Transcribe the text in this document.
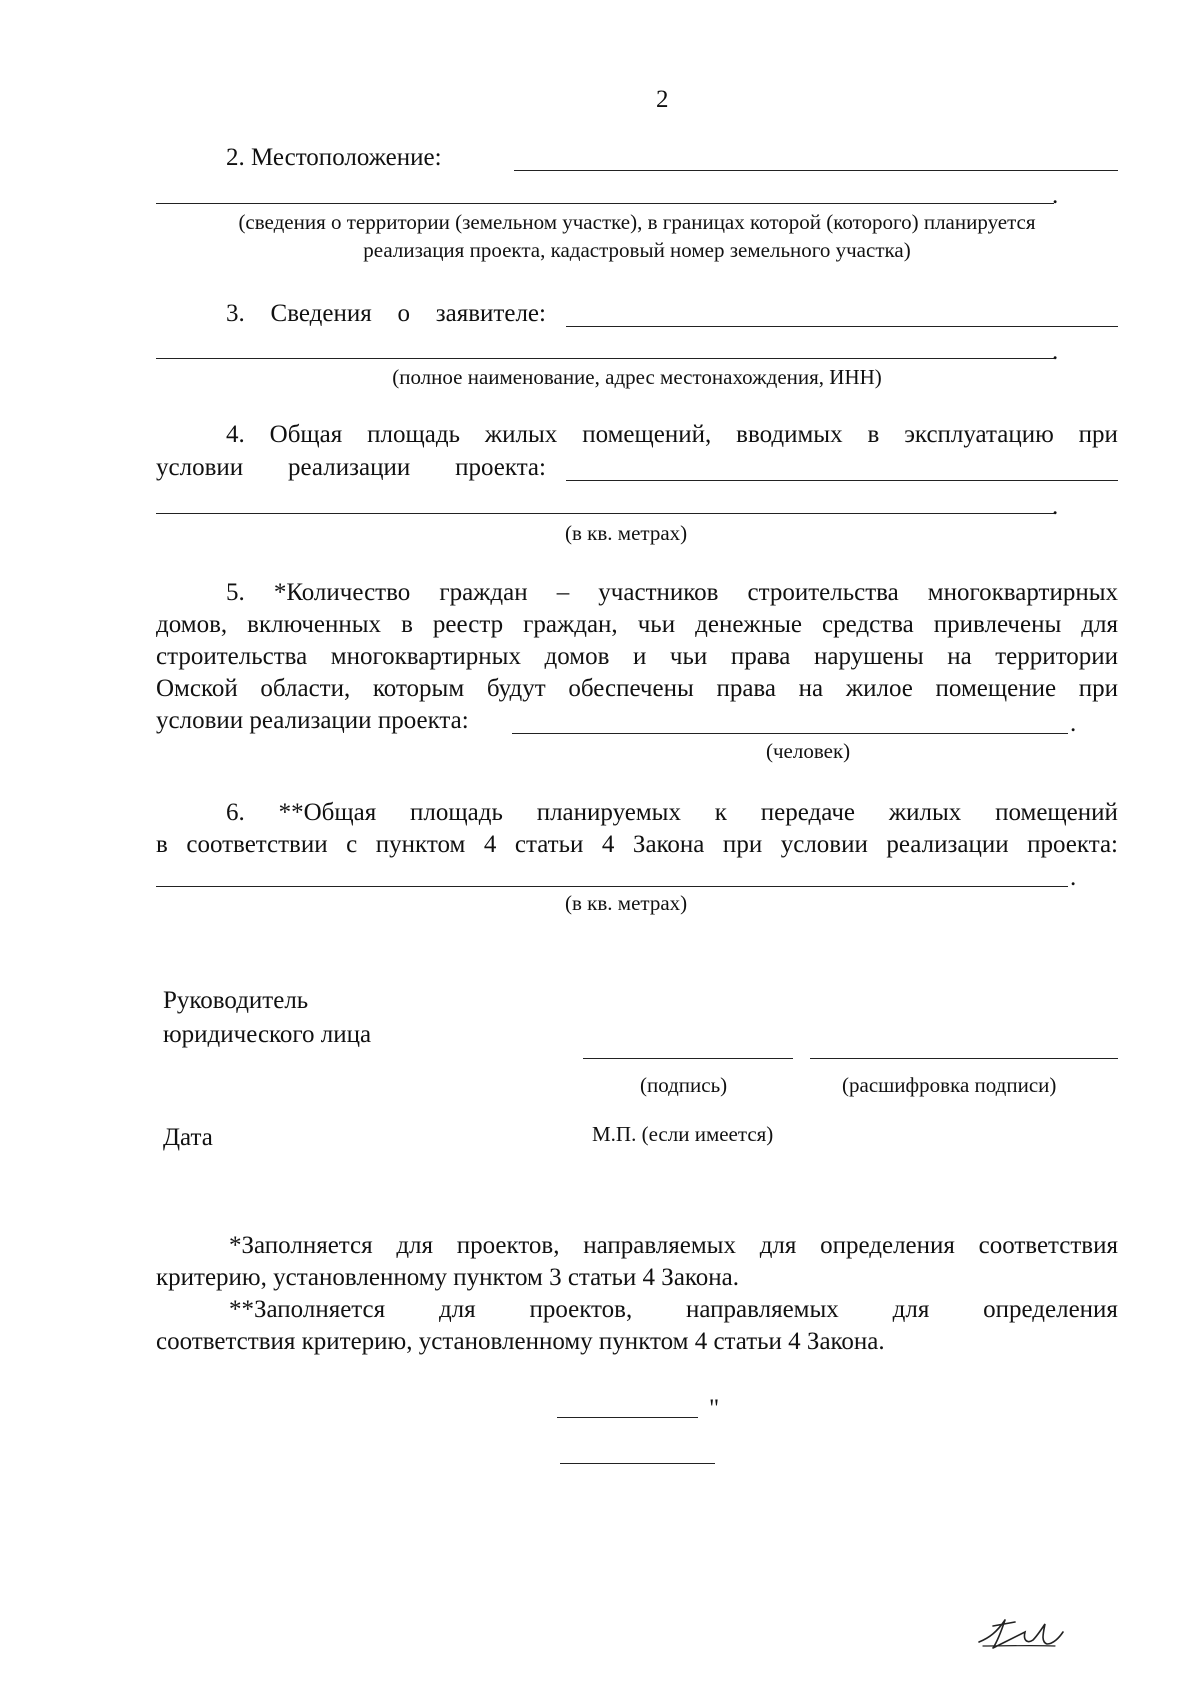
2
2. Местоположение:
.
(сведения о территории (земельном участке), в границах которой (которого) планируется
реализация проекта, кадастровый номер земельного участка)
3. Сведения о заявителе:
.
(полное наименование, адрес местонахождения, ИНН)
4. Общая площадь жилых помещений, вводимых в эксплуатацию при
условии реализации проекта:
.
(в кв. метрах)
5. *Количество граждан – участников строительства многоквартирных
домов, включенных в реестр граждан, чьи денежные средства привлечены для
строительства многоквартирных домов и чьи права нарушены на территории
Омской области, которым будут обеспечены права на жилое помещение при
условии реализации проекта:	.
(человек)
6. **Общая площадь планируемых к передаче жилых помещений
в соответствии с пунктом 4 статьи 4 Закона при условии реализации проекта:
.
(в кв. метрах)
Руководитель
юридического лица
(подпись)	(расшифровка подписи)
Дата	М.П. (если имеется)
*Заполняется для проектов, направляемых для определения соответствия
критерию, установленному пунктом 3 статьи 4 Закона.
**Заполняется для проектов, направляемых для определения
соответствия критерию, установленному пунктом 4 статьи 4 Закона.
"
